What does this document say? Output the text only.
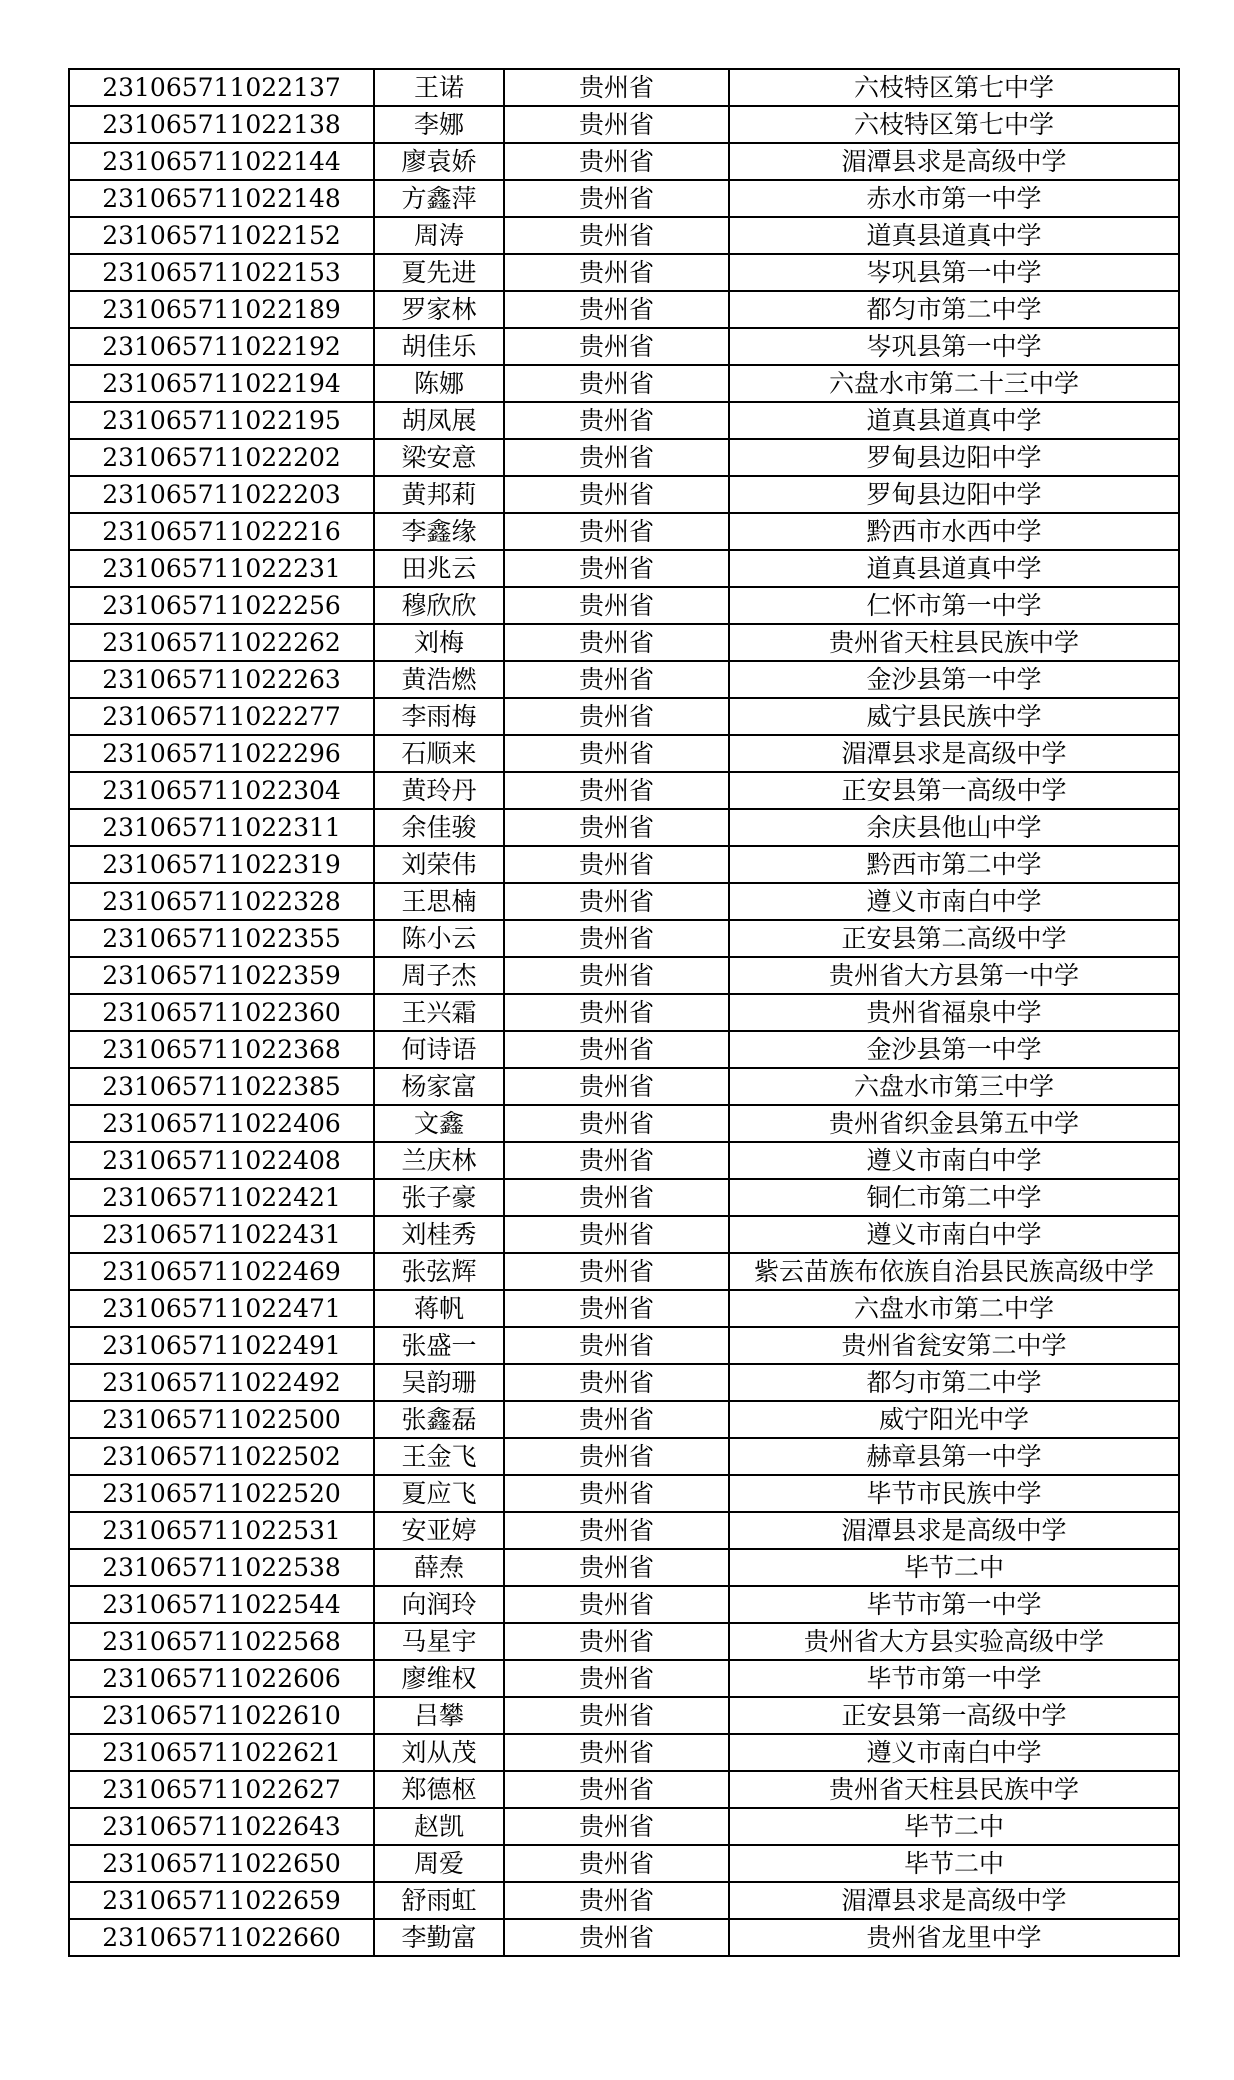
231065711022137	王诺	贵州省	六枝特区第七中学
231065711022138	李娜	贵州省	六枝特区第七中学
231065711022144	廖袁娇	贵州省	湄潭县求是高级中学
231065711022148	方鑫萍	贵州省	赤水市第一中学
231065711022152	周涛	贵州省	道真县道真中学
231065711022153	夏先进	贵州省	岑巩县第一中学
231065711022189	罗家林	贵州省	都匀市第二中学
231065711022192	胡佳乐	贵州省	岑巩县第一中学
231065711022194	陈娜	贵州省	六盘水市第二十三中学
231065711022195	胡凤展	贵州省	道真县道真中学
231065711022202	梁安意	贵州省	罗甸县边阳中学
231065711022203	黄邦莉	贵州省	罗甸县边阳中学
231065711022216	李鑫缘	贵州省	黔西市水西中学
231065711022231	田兆云	贵州省	道真县道真中学
231065711022256	穆欣欣	贵州省	仁怀市第一中学
231065711022262	刘梅	贵州省	贵州省天柱县民族中学
231065711022263	黄浩燃	贵州省	金沙县第一中学
231065711022277	李雨梅	贵州省	威宁县民族中学
231065711022296	石顺来	贵州省	湄潭县求是高级中学
231065711022304	黄玲丹	贵州省	正安县第一高级中学
231065711022311	余佳骏	贵州省	余庆县他山中学
231065711022319	刘荣伟	贵州省	黔西市第二中学
231065711022328	王思楠	贵州省	遵义市南白中学
231065711022355	陈小云	贵州省	正安县第二高级中学
231065711022359	周子杰	贵州省	贵州省大方县第一中学
231065711022360	王兴霜	贵州省	贵州省福泉中学
231065711022368	何诗语	贵州省	金沙县第一中学
231065711022385	杨家富	贵州省	六盘水市第三中学
231065711022406	文鑫	贵州省	贵州省织金县第五中学
231065711022408	兰庆林	贵州省	遵义市南白中学
231065711022421	张子豪	贵州省	铜仁市第二中学
231065711022431	刘桂秀	贵州省	遵义市南白中学
231065711022469	张弦辉	贵州省	紫云苗族布依族自治县民族高级中学
231065711022471	蒋帆	贵州省	六盘水市第二中学
231065711022491	张盛一	贵州省	贵州省瓮安第二中学
231065711022492	吴韵珊	贵州省	都匀市第二中学
231065711022500	张鑫磊	贵州省	威宁阳光中学
231065711022502	王金飞	贵州省	赫章县第一中学
231065711022520	夏应飞	贵州省	毕节市民族中学
231065711022531	安亚婷	贵州省	湄潭县求是高级中学
231065711022538	薛焘	贵州省	毕节二中
231065711022544	向润玲	贵州省	毕节市第一中学
231065711022568	马星宇	贵州省	贵州省大方县实验高级中学
231065711022606	廖维权	贵州省	毕节市第一中学
231065711022610	吕攀	贵州省	正安县第一高级中学
231065711022621	刘从茂	贵州省	遵义市南白中学
231065711022627	郑德枢	贵州省	贵州省天柱县民族中学
231065711022643	赵凯	贵州省	毕节二中
231065711022650	周爱	贵州省	毕节二中
231065711022659	舒雨虹	贵州省	湄潭县求是高级中学
231065711022660	李勤富	贵州省	贵州省龙里中学
